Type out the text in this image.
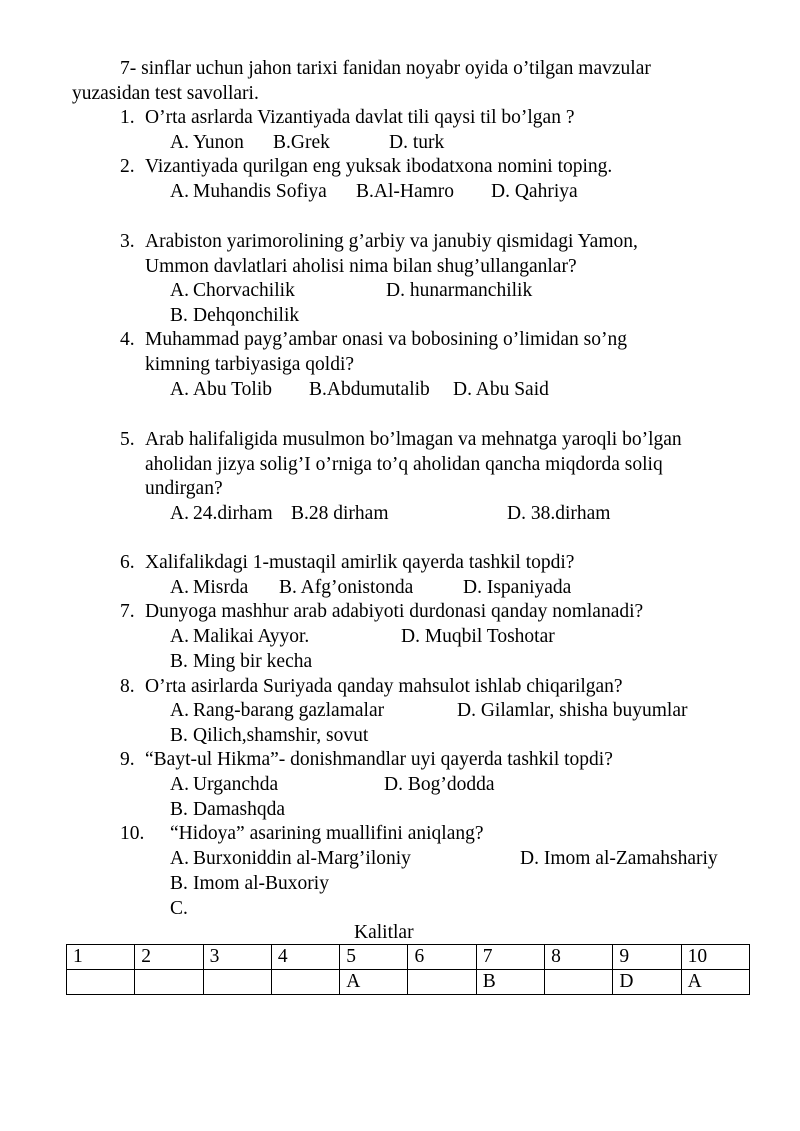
7- sinflar uchun jahon tarixi fanidan noyabr oyida o’tilgan mavzular
yuzasidan test savollari.
1. O’rta asrlarda Vizantiyada davlat tili qaysi til bo’lgan ?
A. Yunon B.Grek	D. turk
2. Vizantiyada qurilgan eng yuksak ibodatxona nomini toping.
A. Muhandis Sofiya B.Al-Hamro D. Qahriya
3. Arabiston yarimorolining g’arbiy va janubiy qismidagi Yamon,
Ummon davlatlari aholisi nima bilan shug’ullanganlar?
A. Chorvachilik	D. hunarmanchilik
B. Dehqonchilik
4. Muhammad payg’ambar onasi va bobosining o’limidan so’ng
kimning tarbiyasiga qoldi?
A. Abu Tolib B.Abdumutalib D. Abu Said
5. Arab halifaligida musulmon bo’lmagan va mehnatga yaroqli bo’lgan
aholidan jizya solig’I o’rniga to’q aholidan qancha miqdorda soliq
undirgan?
A. 24.dirham B.28 dirham	D. 38.dirham
6. Xalifalikdagi 1-mustaqil amirlik qayerda tashkil topdi?
A. Misrda B. Afg’onistonda	D. Ispaniyada
7. Dunyoga mashhur arab adabiyoti durdonasi qanday nomlanadi?
A. Malikai Ayyor.	D. Muqbil Toshotar
B. Ming bir kecha
8. O’rta asirlarda Suriyada qanday mahsulot ishlab chiqarilgan?
A. Rang-barang gazlamalar	D. Gilamlar, shisha buyumlar
B. Qilich,shamshir, sovut
9. “Bayt-ul Hikma”- donishmandlar uyi qayerda tashkil topdi?
A. Urganchda	D. Bog’dodda
B. Damashqda
10. “Hidoya” asarining muallifini aniqlang?
A. Burxoniddin al-Marg’iloniy	D. Imom al-Zamahshariy
B. Imom al-Buxoriy
C.
Kalitlar
1	2	3	4	5	6	7	8	9	10
				A		B		D	A
